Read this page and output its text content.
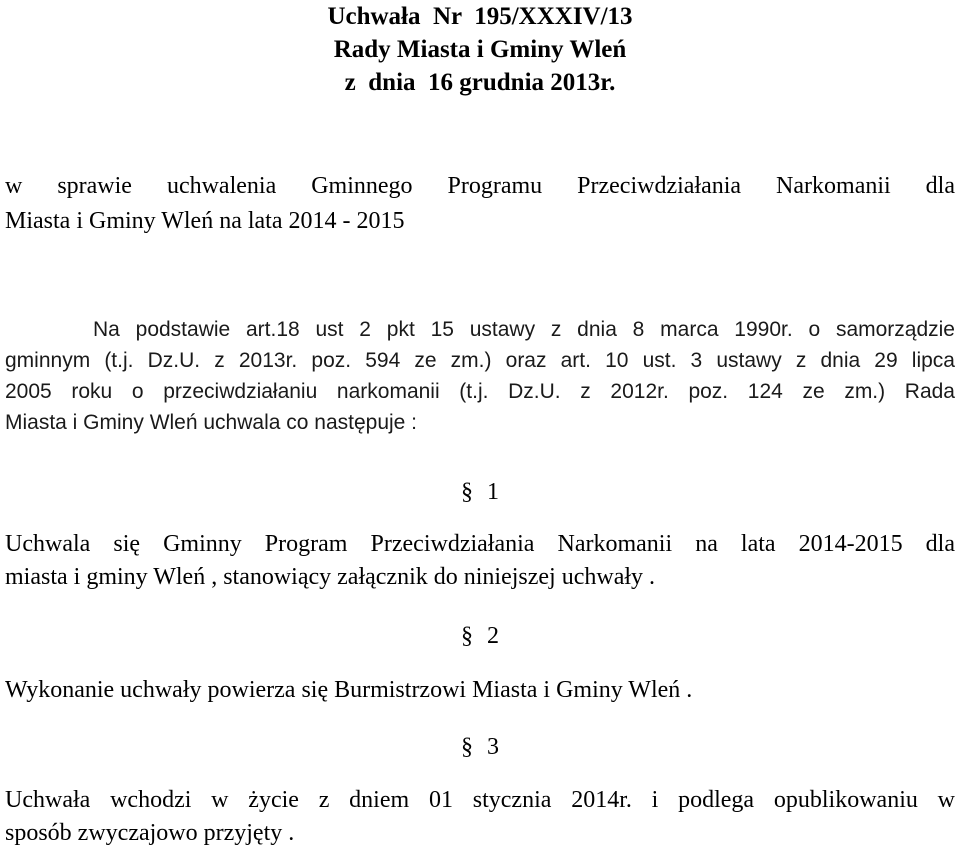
Uchwała  Nr  195/XXXIV/13
Rady Miasta i Gminy Wleń
z  dnia  16 grudnia 2013r.
w sprawie uchwalenia Gminnego Programu Przeciwdziałania Narkomanii dla
Miasta i Gminy Wleń na lata 2014 - 2015
Na podstawie art.18 ust 2 pkt 15 ustawy z dnia 8 marca 1990r. o samorządzie
gminnym (t.j. Dz.U. z 2013r. poz. 594 ze zm.) oraz art. 10 ust. 3 ustawy z dnia 29 lipca
2005 roku o przeciwdziałaniu narkomanii (t.j. Dz.U. z 2012r. poz. 124 ze zm.) Rada
Miasta i Gminy Wleń uchwala co następuje :
§ 1
Uchwala się Gminny Program Przeciwdziałania Narkomanii na lata 2014-2015 dla
miasta i gminy Wleń , stanowiący załącznik do niniejszej uchwały .
§ 2
Wykonanie uchwały powierza się Burmistrzowi Miasta i Gminy Wleń .
§ 3
Uchwała wchodzi w życie z dniem 01 stycznia 2014r. i podlega opublikowaniu w
sposób zwyczajowo przyjęty .
